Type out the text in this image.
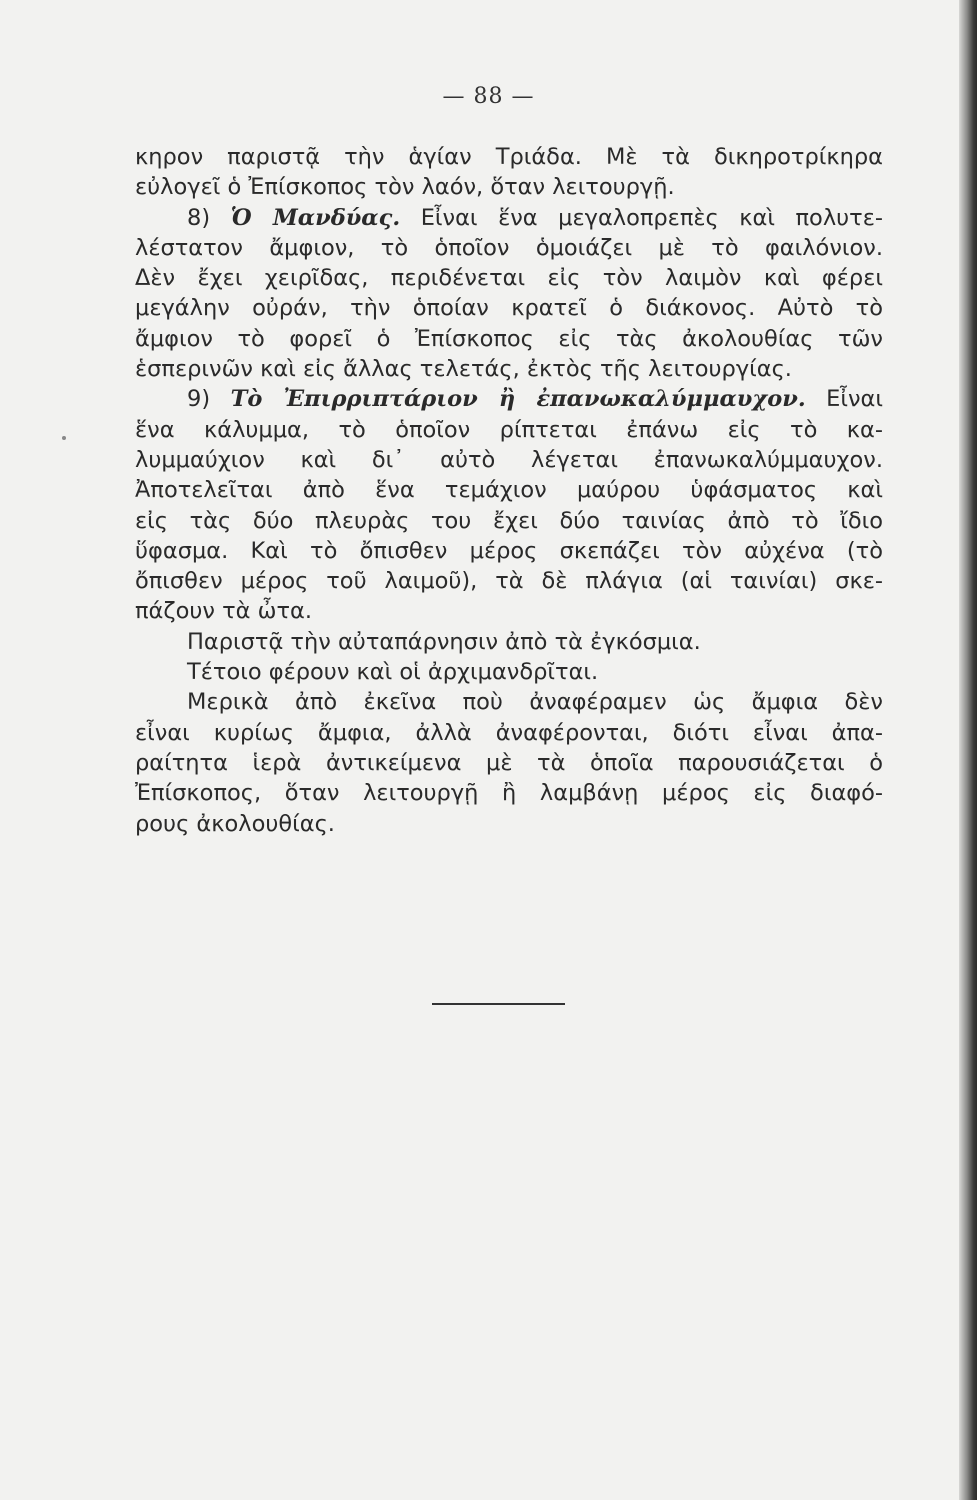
— 88 —
κηρον παριστᾷ τὴν ἁγίαν Τριάδα. Μὲ τὰ δικηροτρίκηρα
εὐλογεῖ ὁ Ἐπίσκοπος τὸν λαόν, ὅταν λειτουργῇ.
8) Ὁ Μανδύας. Εἶναι ἕνα μεγαλοπρεπὲς καὶ πολυτε-
λέστατον ἄμφιον, τὸ ὁποῖον ὁμοιάζει μὲ τὸ φαιλόνιον.
Δὲν ἔχει χειρῖδας, περιδένεται εἰς τὸν λαιμὸν καὶ φέρει
μεγάλην οὐράν, τὴν ὁποίαν κρατεῖ ὁ διάκονος. Αὐτὸ τὸ
ἄμφιον τὸ φορεῖ ὁ Ἐπίσκοπος εἰς τὰς ἀκολουθίας τῶν
ἑσπερινῶν καὶ εἰς ἄλλας τελετάς, ἐκτὸς τῆς λειτουργίας.
9) Τὸ Ἐπιρριπτάριον ἢ ἐπανωκαλύμμαυχον. Εἶναι
ἕνα κάλυμμα, τὸ ὁποῖον ρίπτεται ἐπάνω εἰς τὸ κα-
λυμμαύχιον καὶ δι᾽ αὐτὸ λέγεται ἐπανωκαλύμμαυχον.
Ἀποτελεῖται ἀπὸ ἕνα τεμάχιον μαύρου ὑφάσματος καὶ
εἰς τὰς δύο πλευρὰς του ἔχει δύο ταινίας ἀπὸ τὸ ἴδιο
ὕφασμα. Καὶ τὸ ὄπισθεν μέρος σκεπάζει τὸν αὐχένα (τὸ
ὄπισθεν μέρος τοῦ λαιμοῦ), τὰ δὲ πλάγια (αἱ ταινίαι) σκε-
πάζουν τὰ ὦτα.
Παριστᾷ τὴν αὐταπάρνησιν ἀπὸ τὰ ἐγκόσμια.
Τέτοιο φέρουν καὶ οἱ ἀρχιμανδρῖται.
Μερικὰ ἀπὸ ἐκεῖνα ποὺ ἀναφέραμεν ὡς ἄμφια δὲν
εἶναι κυρίως ἄμφια, ἀλλὰ ἀναφέρονται, διότι εἶναι ἀπα-
ραίτητα ἱερὰ ἀντικείμενα μὲ τὰ ὁποῖα παρουσιάζεται ὁ
Ἐπίσκοπος, ὅταν λειτουργῇ ἢ λαμβάνῃ μέρος εἰς διαφό-
ρους ἀκολουθίας.
